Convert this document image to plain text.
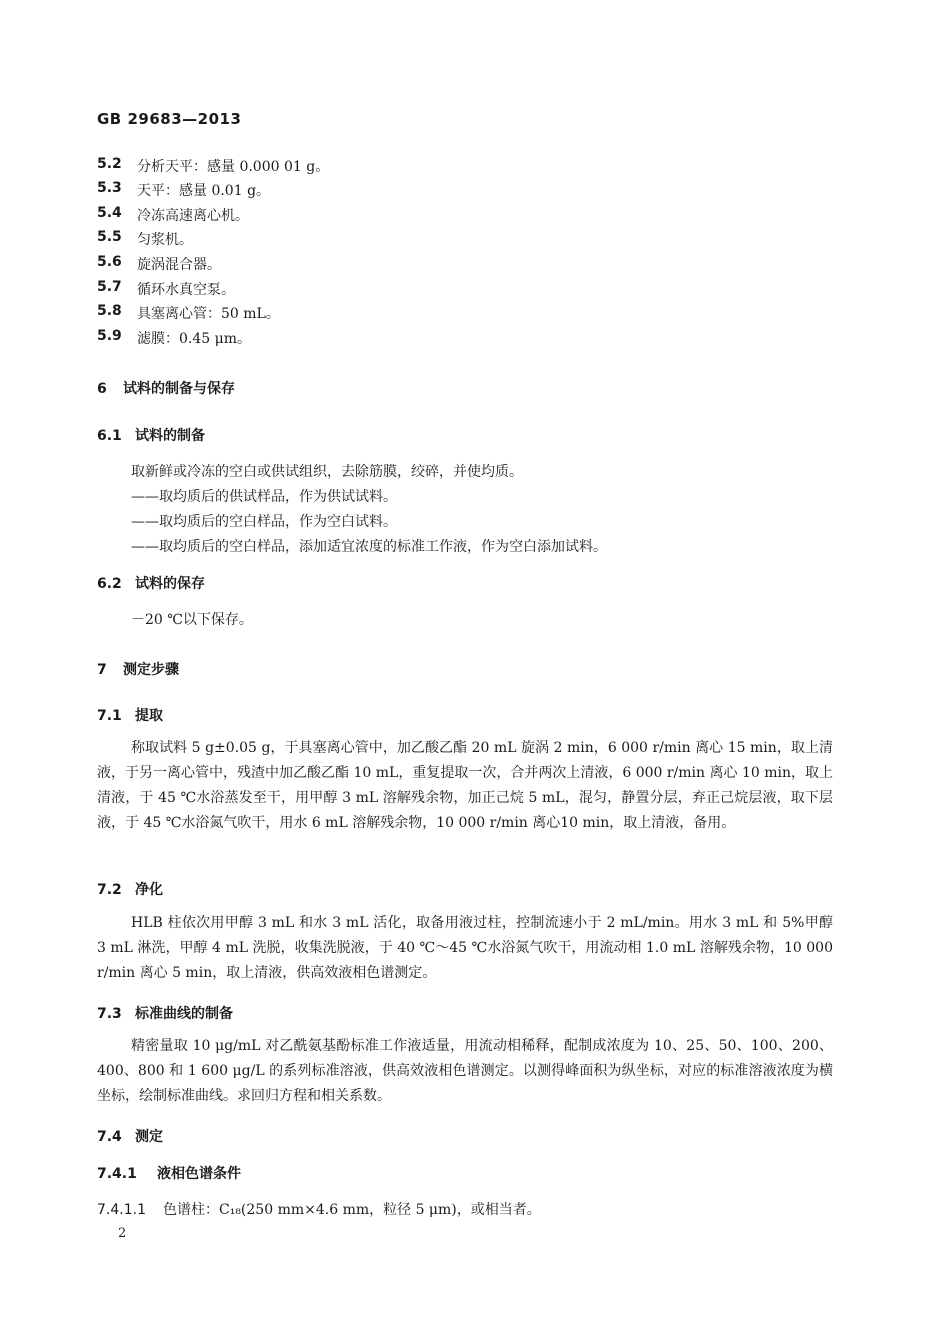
GB 29683—2013
5.2 分析天平：感量 0.000 01 g。
5.3 天平：感量 0.01 g。
5.4 冷冻高速离心机。
5.5 匀浆机。
5.6 旋涡混合器。
5.7 循环水真空泵。
5.8 具塞离心管：50 mL。
5.9 滤膜：0.45 μm。
6 试料的制备与保存
6.1 试料的制备
取新鲜或冷冻的空白或供试组织，去除筋膜，绞碎，并使均质。
——取均质后的供试样品，作为供试试料。
——取均质后的空白样品，作为空白试料。
——取均质后的空白样品，添加适宜浓度的标准工作液，作为空白添加试料。
6.2 试料的保存
－20 ℃以下保存。
7 测定步骤
7.1 提取
称取试料 5 g±0.05 g，于具塞离心管中，加乙酸乙酯 20 mL 旋涡 2 min，6 000 r/min 离心 15 min，取上清液，于另一离心管中，残渣中加乙酸乙酯 10 mL，重复提取一次，合并两次上清液，6 000 r/min 离心 10 min，取上清液，于 45 ℃水浴蒸发至干，用甲醇 3 mL 溶解残余物，加正己烷 5 mL，混匀，静置分层，弃正己烷层液，取下层液，于 45 ℃水浴氮气吹干，用水 6 mL 溶解残余物，10 000 r/min 离心10 min，取上清液，备用。
7.2 净化
HLB 柱依次用甲醇 3 mL 和水 3 mL 活化，取备用液过柱，控制流速小于 2 mL/min。用水 3 mL 和 5%甲醇 3 mL 淋洗，甲醇 4 mL 洗脱，收集洗脱液，于 40 ℃～45 ℃水浴氮气吹干，用流动相 1.0 mL 溶解残余物，10 000 r/min 离心 5 min，取上清液，供高效液相色谱测定。
7.3 标准曲线的制备
精密量取 10 μg/mL 对乙酰氨基酚标准工作液适量，用流动相稀释，配制成浓度为 10、25、50、100、200、400、800 和 1 600 μg/L 的系列标准溶液，供高效液相色谱测定。以测得峰面积为纵坐标，对应的标准溶液浓度为横坐标，绘制标准曲线。求回归方程和相关系数。
7.4 测定
7.4.1 液相色谱条件
7.4.1.1 色谱柱：C₁₈(250 mm×4.6 mm，粒径 5 μm)，或相当者。
2
